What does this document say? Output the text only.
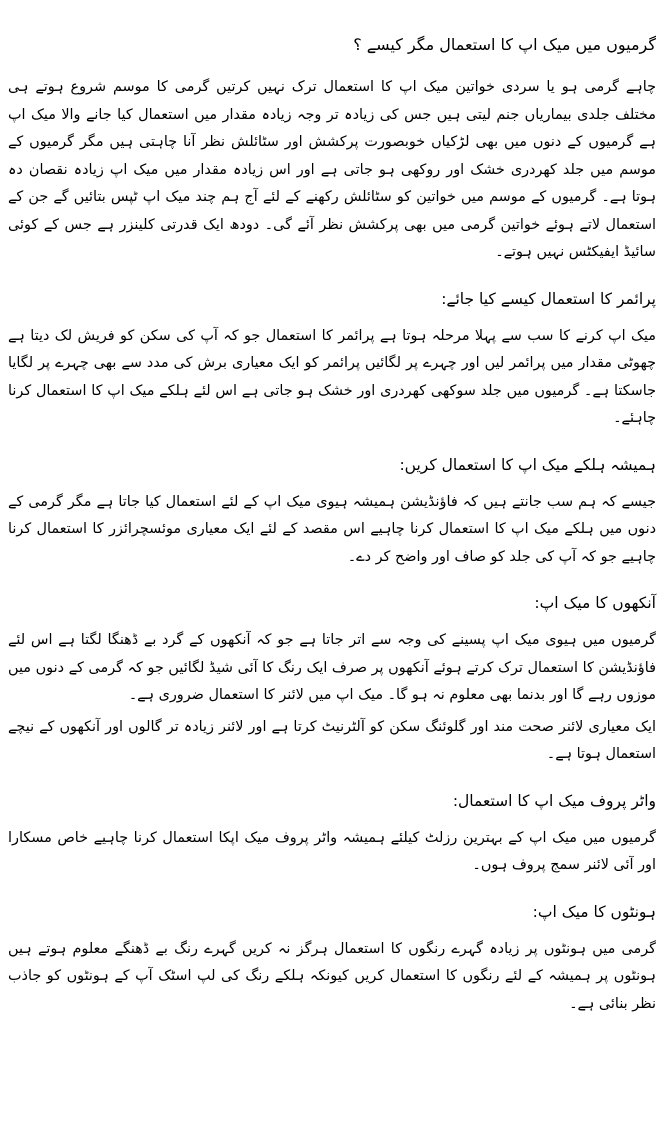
گرمیوں میں میک اپ کا استعمال مگر کیسے ؟

چاہے گرمی ہو یا سردی خواتین میک اپ کا استعمال ترک نہیں کرتیں گرمی کا موسم شروع ہوتے ہی مختلف جلدی بیماریاں جنم لیتی ہیں جس کی زیادہ تر وجہ زیادہ مقدار میں استعمال کیا جانے والا میک اپ ہے گرمیوں کے دنوں میں بھی لڑکیاں خوبصورت پرکشش اور سٹائلش نظر آنا چاہتی ہیں مگر گرمیوں کے موسم میں جلد کھردری خشک اور روکھی ہو جاتی ہے اور اس زیادہ مقدار میں میک اپ زیادہ نقصان دہ ہوتا ہے۔ گرمیوں کے موسم میں خواتین کو سٹائلش رکھنے کے لئے آج ہم چند میک اپ ٹپس بتائیں گے جن کے استعمال لاتے ہوئے خواتین گرمی میں بھی پرکشش نظر آئے گی۔ دودھ ایک قدرتی کلینزر ہے جس کے کوئی سائیڈ ایفیکٹس نہیں ہوتے۔

پرائمر کا استعمال کیسے کیا جائے:

میک اپ کرنے کا سب سے پہلا مرحلہ ہوتا ہے پرائمر کا استعمال جو کہ آپ کی سکن کو فریش لک دیتا ہے چھوٹی مقدار میں پرائمر لیں اور چہرے پر لگائیں پرائمر کو ایک معیاری برش کی مدد سے بھی چہرے پر لگایا جاسکتا ہے۔ گرمیوں میں جلد سوکھی کھردری اور خشک ہو جاتی ہے اس لئے ہلکے میک اپ کا استعمال کرنا چاہئے۔

ہمیشہ ہلکے میک اپ کا استعمال کریں:

جیسے کہ ہم سب جانتے ہیں کہ فاؤنڈیشن ہمیشہ ہیوی میک اپ کے لئے استعمال کیا جاتا ہے مگر گرمی کے دنوں میں ہلکے میک اپ کا استعمال کرنا چاہیے اس مقصد کے لئے ایک معیاری موئسچرائزر کا استعمال کرنا چاہیے جو کہ آپ کی جلد کو صاف اور واضح کر دے۔

آنکھوں کا میک اپ:

گرمیوں میں ہیوی میک اپ پسینے کی وجہ سے اتر جاتا ہے جو کہ آنکھوں کے گرد بے ڈھنگا لگتا ہے اس لئے فاؤنڈیشن کا استعمال ترک کرتے ہوئے آنکھوں پر صرف ایک رنگ کا آئی شیڈ لگائیں جو کہ گرمی کے دنوں میں موزوں رہے گا اور بدنما بھی معلوم نہ ہو گا۔ میک اپ میں لائنر کا استعمال ضروری ہے۔

ایک معیاری لائنر صحت مند اور گلوئنگ سکن کو آلٹرنیٹ کرتا ہے اور لائنر زیادہ تر گالوں اور آنکھوں کے نیچے استعمال ہوتا ہے۔

واٹر پروف میک اپ کا استعمال:

گرمیوں میں میک اپ کے بہترین رزلٹ کیلئے ہمیشہ واٹر پروف میک اپکا استعمال کرنا چاہیے خاص مسکارا اور آئی لائنر سمج پروف ہوں۔

ہونٹوں کا میک اپ:

گرمی میں ہونٹوں پر زیادہ گہرے رنگوں کا استعمال ہرگز نہ کریں گہرے رنگ بے ڈھنگے معلوم ہوتے ہیں ہونٹوں پر ہمیشہ کے لئے رنگوں کا استعمال کریں کیونکہ ہلکے رنگ کی لپ اسٹک آپ کے ہونٹوں کو جاذب نظر بنائی ہے۔
